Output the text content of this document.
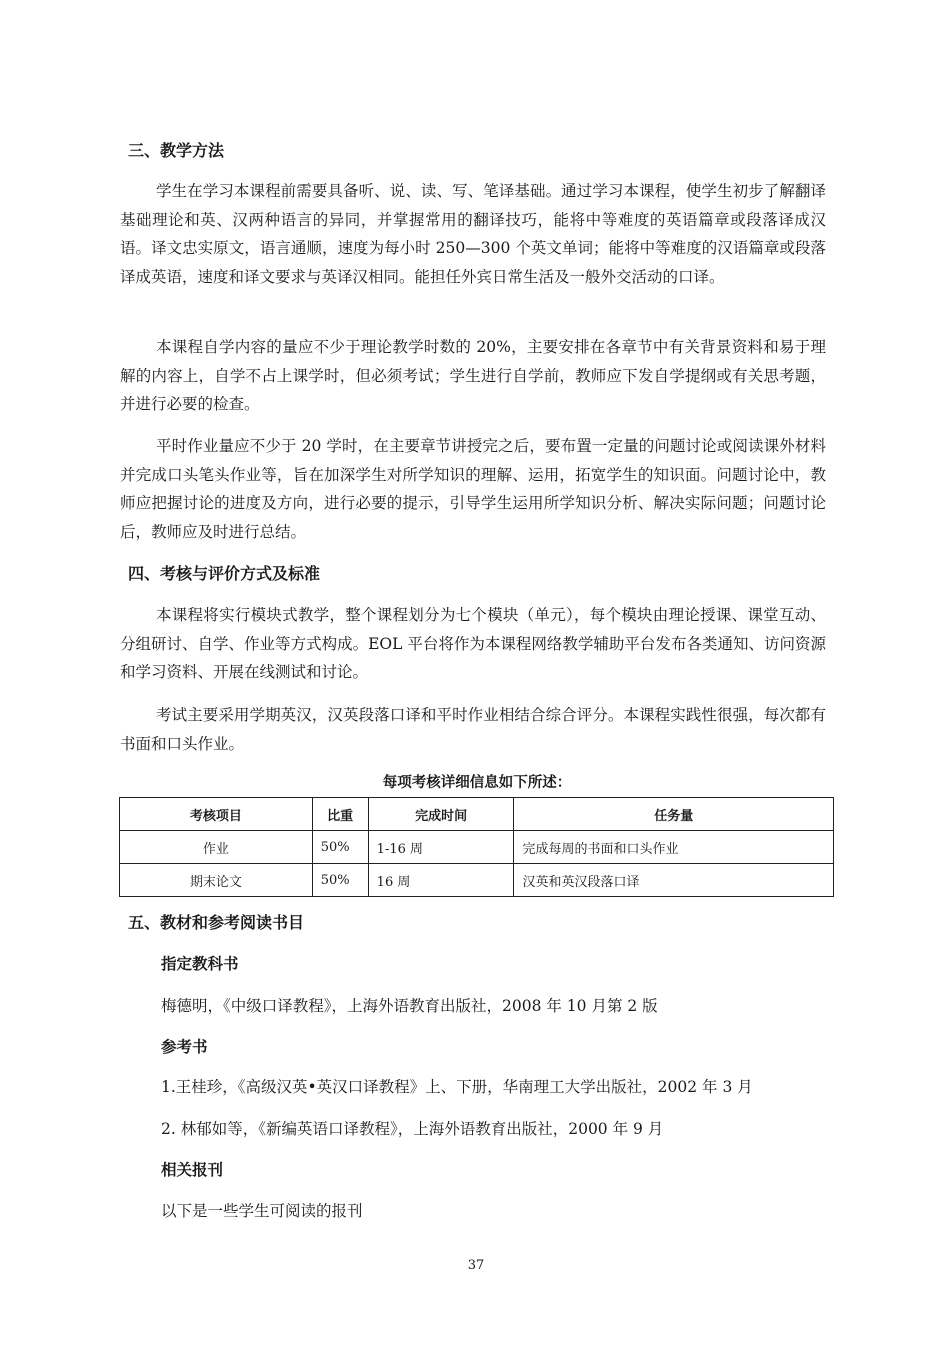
三、教学方法

学生在学习本课程前需要具备听、说、读、写、笔译基础。通过学习本课程，使学生初步了解翻译基础理论和英、汉两种语言的异同，并掌握常用的翻译技巧，能将中等难度的英语篇章或段落译成汉语。译文忠实原文，语言通顺，速度为每小时 250—300 个英文单词；能将中等难度的汉语篇章或段落译成英语，速度和译文要求与英译汉相同。能担任外宾日常生活及一般外交活动的口译。

本课程自学内容的量应不少于理论教学时数的 20%，主要安排在各章节中有关背景资料和易于理解的内容上，自学不占上课学时，但必须考试；学生进行自学前，教师应下发自学提纲或有关思考题，并进行必要的检查。

平时作业量应不少于 20 学时，在主要章节讲授完之后，要布置一定量的问题讨论或阅读课外材料并完成口头笔头作业等，旨在加深学生对所学知识的理解、运用，拓宽学生的知识面。问题讨论中，教师应把握讨论的进度及方向，进行必要的提示，引导学生运用所学知识分析、解决实际问题；问题讨论后，教师应及时进行总结。

四、考核与评价方式及标准

本课程将实行模块式教学，整个课程划分为七个模块（单元），每个模块由理论授课、课堂互动、分组研讨、自学、作业等方式构成。EOL 平台将作为本课程网络教学辅助平台发布各类通知、访问资源和学习资料、开展在线测试和讨论。

考试主要采用学期英汉，汉英段落口译和平时作业相结合综合评分。本课程实践性很强，每次都有书面和口头作业。

每项考核详细信息如下所述：
考核项目	比重	完成时间	任务量
作业	50%	1-16 周	完成每周的书面和口头作业
期末论文	50%	16 周	汉英和英汉段落口译
五、教材和参考阅读书目
指定教科书
梅德明，《中级口译教程》，上海外语教育出版社，2008 年 10 月第 2 版
参考书
1.王桂珍，《高级汉英•英汉口译教程》上、下册，华南理工大学出版社，2002 年 3 月
2. 林郁如等，《新编英语口译教程》，上海外语教育出版社，2000 年 9 月
相关报刊
以下是一些学生可阅读的报刊
37
